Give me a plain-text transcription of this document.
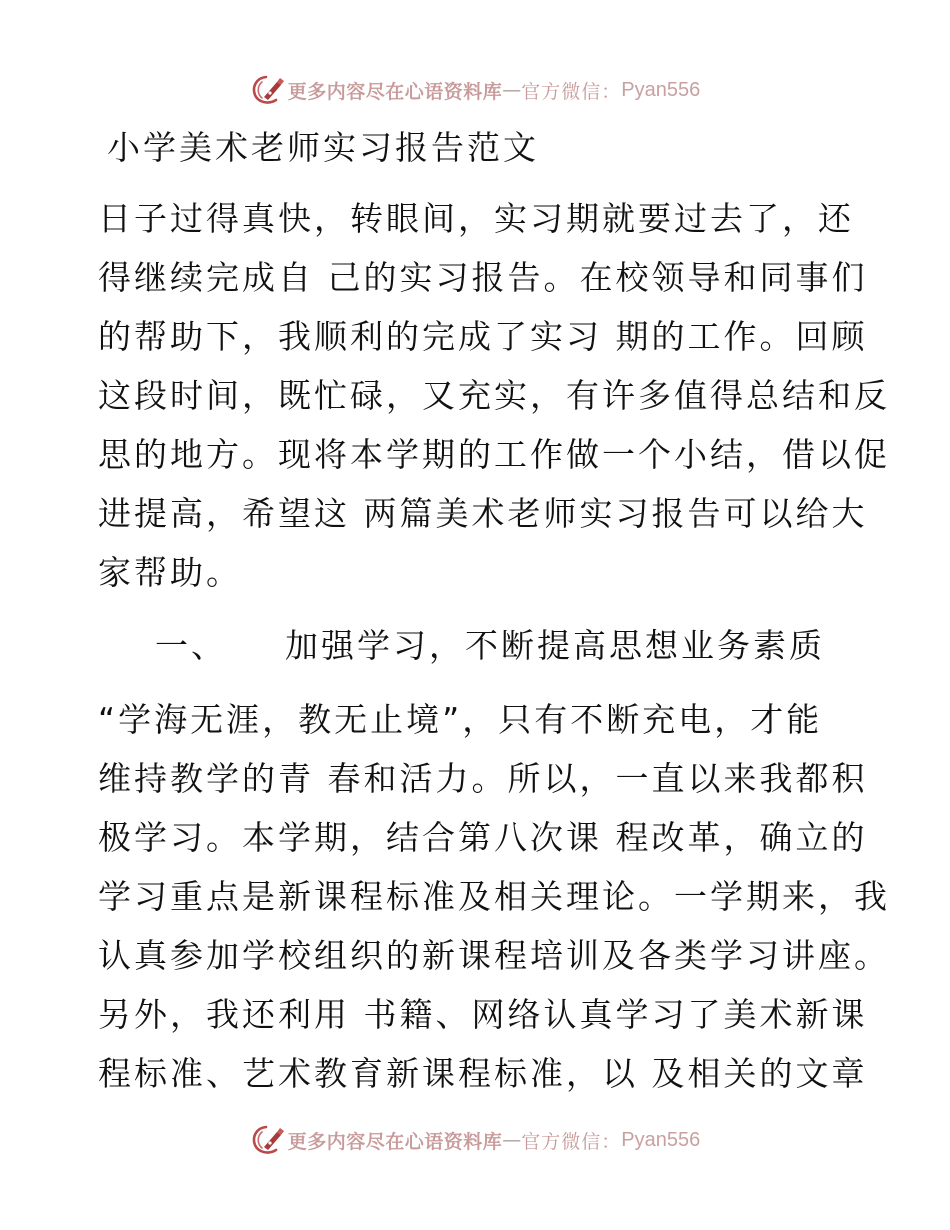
更多内容尽在心语资料库 — 官方微信： Pyan556
小学美术老师实习报告范文
日子过得真快，转眼间，实习期就要过去了，还
得继续完成自 己的实习报告。在校领导和同事们
的帮助下，我顺利的完成了实习 期的工作。回顾
这段时间，既忙碌，又充实，有许多值得总结和反
思的地方。现将本学期的工作做一个小结，借以促
进提高，希望这 两篇美术老师实习报告可以给大
家帮助。
一、 加强学习，不断提高思想业务素质
“学海无涯，教无止境”，只有不断充电，才能
维持教学的青 春和活力。所以，一直以来我都积
极学习。本学期，结合第八次课 程改革，确立的
学习重点是新课程标准及相关理论。一学期来，我
认真参加学校组织的新课程培训及各类学习讲座。
另外，我还利用 书籍、网络认真学习了美术新课
程标准、艺术教育新课程标准，以 及相关的文章
更多内容尽在心语资料库 — 官方微信： Pyan556
